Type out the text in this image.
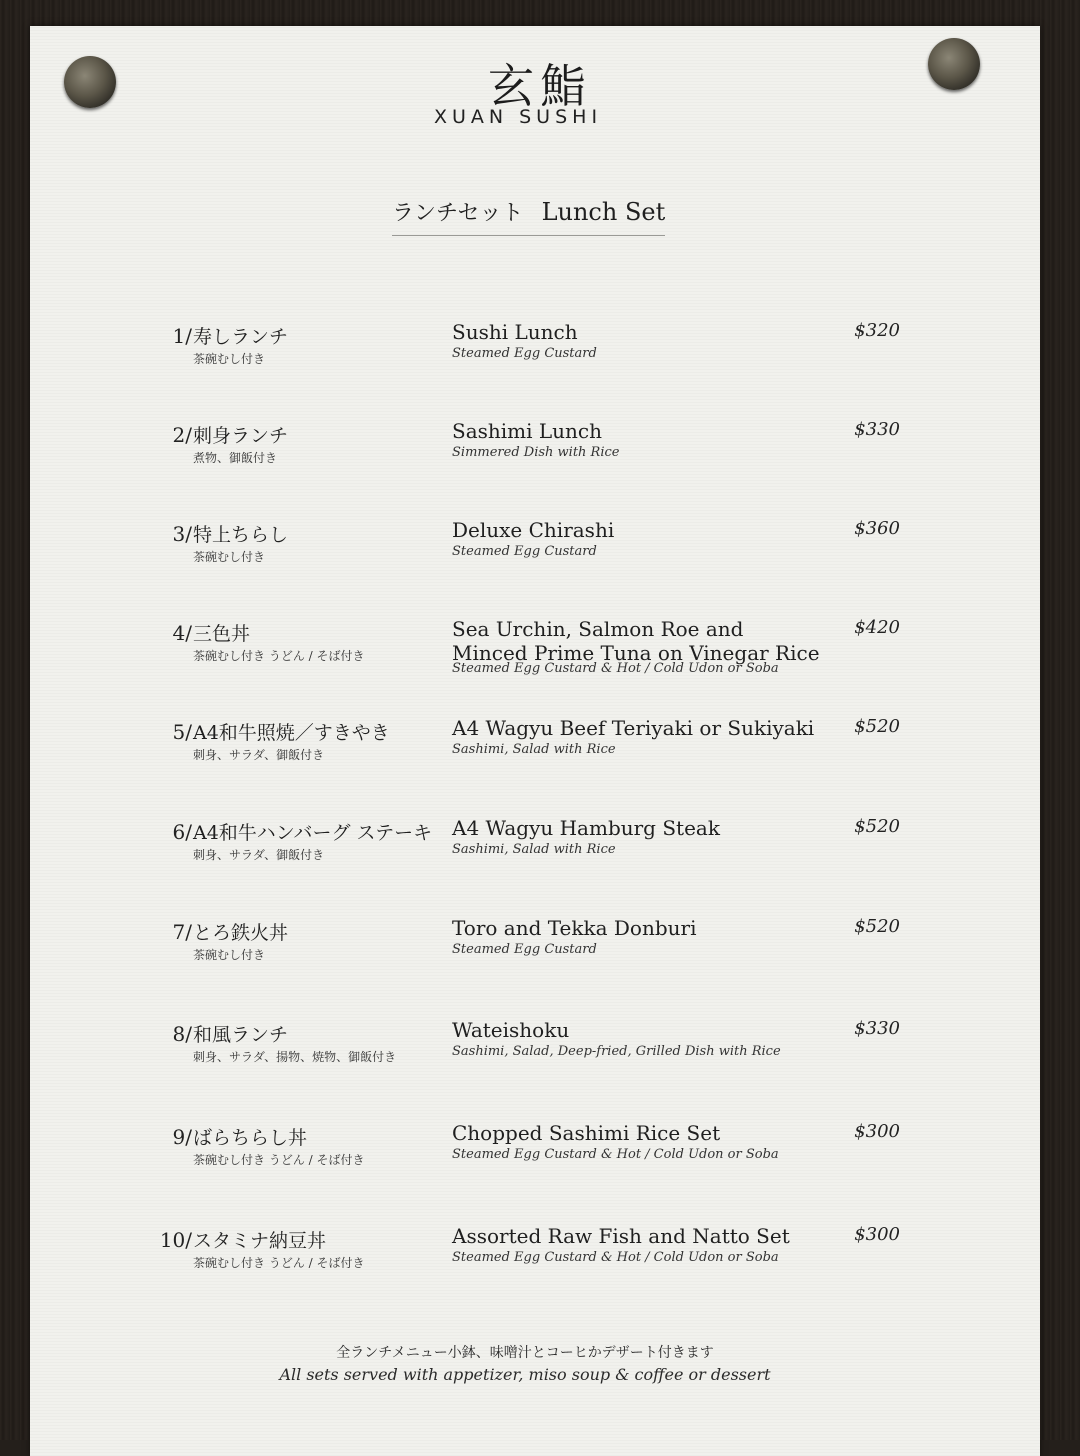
玄鮨
XUAN SUSHI
ランチセット Lunch Set
1/ 寿しランチ
茶碗むし付き
Sushi Lunch
Steamed Egg Custard
$320
2/ 刺身ランチ
煮物、御飯付き
Sashimi Lunch
Simmered Dish with Rice
$330
3/ 特上ちらし
茶碗むし付き
Deluxe Chirashi
Steamed Egg Custard
$360
4/ 三色丼
茶碗むし付き うどん / そば付き
Sea Urchin, Salmon Roe and Minced Prime Tuna on Vinegar Rice
Steamed Egg Custard & Hot / Cold Udon or Soba
$420
5/ A4和牛照焼／すきやき
刺身、サラダ、御飯付き
A4 Wagyu Beef Teriyaki or Sukiyaki
Sashimi, Salad with Rice
$520
6/ A4和牛ハンバーグ ステーキ
刺身、サラダ、御飯付き
A4 Wagyu Hamburg Steak
Sashimi, Salad with Rice
$520
7/ とろ鉄火丼
茶碗むし付き
Toro and Tekka Donburi
Steamed Egg Custard
$520
8/ 和風ランチ
刺身、サラダ、揚物、焼物、御飯付き
Wateishoku
Sashimi, Salad, Deep-fried, Grilled Dish with Rice
$330
9/ ばらちらし丼
茶碗むし付き うどん / そば付き
Chopped Sashimi Rice Set
Steamed Egg Custard & Hot / Cold Udon or Soba
$300
10/ スタミナ納豆丼
茶碗むし付き うどん / そば付き
Assorted Raw Fish and Natto Set
Steamed Egg Custard & Hot / Cold Udon or Soba
$300
全ランチメニュー小鉢、味噌汁とコーヒかデザート付きます
All sets served with appetizer, miso soup & coffee or dessert
